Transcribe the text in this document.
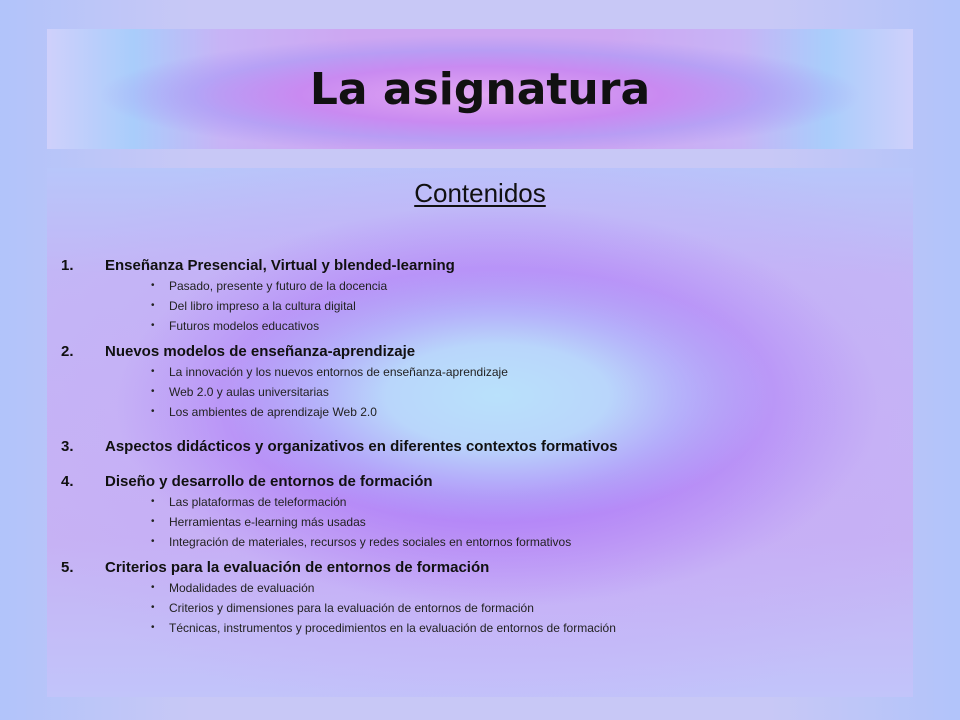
La asignatura
Contenidos
1.	Enseñanza Presencial, Virtual y blended-learning
• Pasado, presente y futuro de la docencia
• Del libro impreso a la cultura digital
• Futuros modelos educativos
2.	Nuevos modelos de enseñanza-aprendizaje
• La innovación y los nuevos entornos de enseñanza-aprendizaje
• Web 2.0 y aulas universitarias
• Los ambientes de aprendizaje Web 2.0
3.	Aspectos didácticos y organizativos en diferentes contextos formativos
4.	Diseño y desarrollo de entornos de formación
• Las plataformas de teleformación
• Herramientas e-learning más usadas
• Integración de materiales, recursos y redes sociales en entornos formativos
5.	Criterios para la evaluación de entornos de formación
• Modalidades de evaluación
• Criterios y dimensiones para la evaluación de entornos de formación
• Técnicas, instrumentos y procedimientos en la evaluación de entornos de formación
